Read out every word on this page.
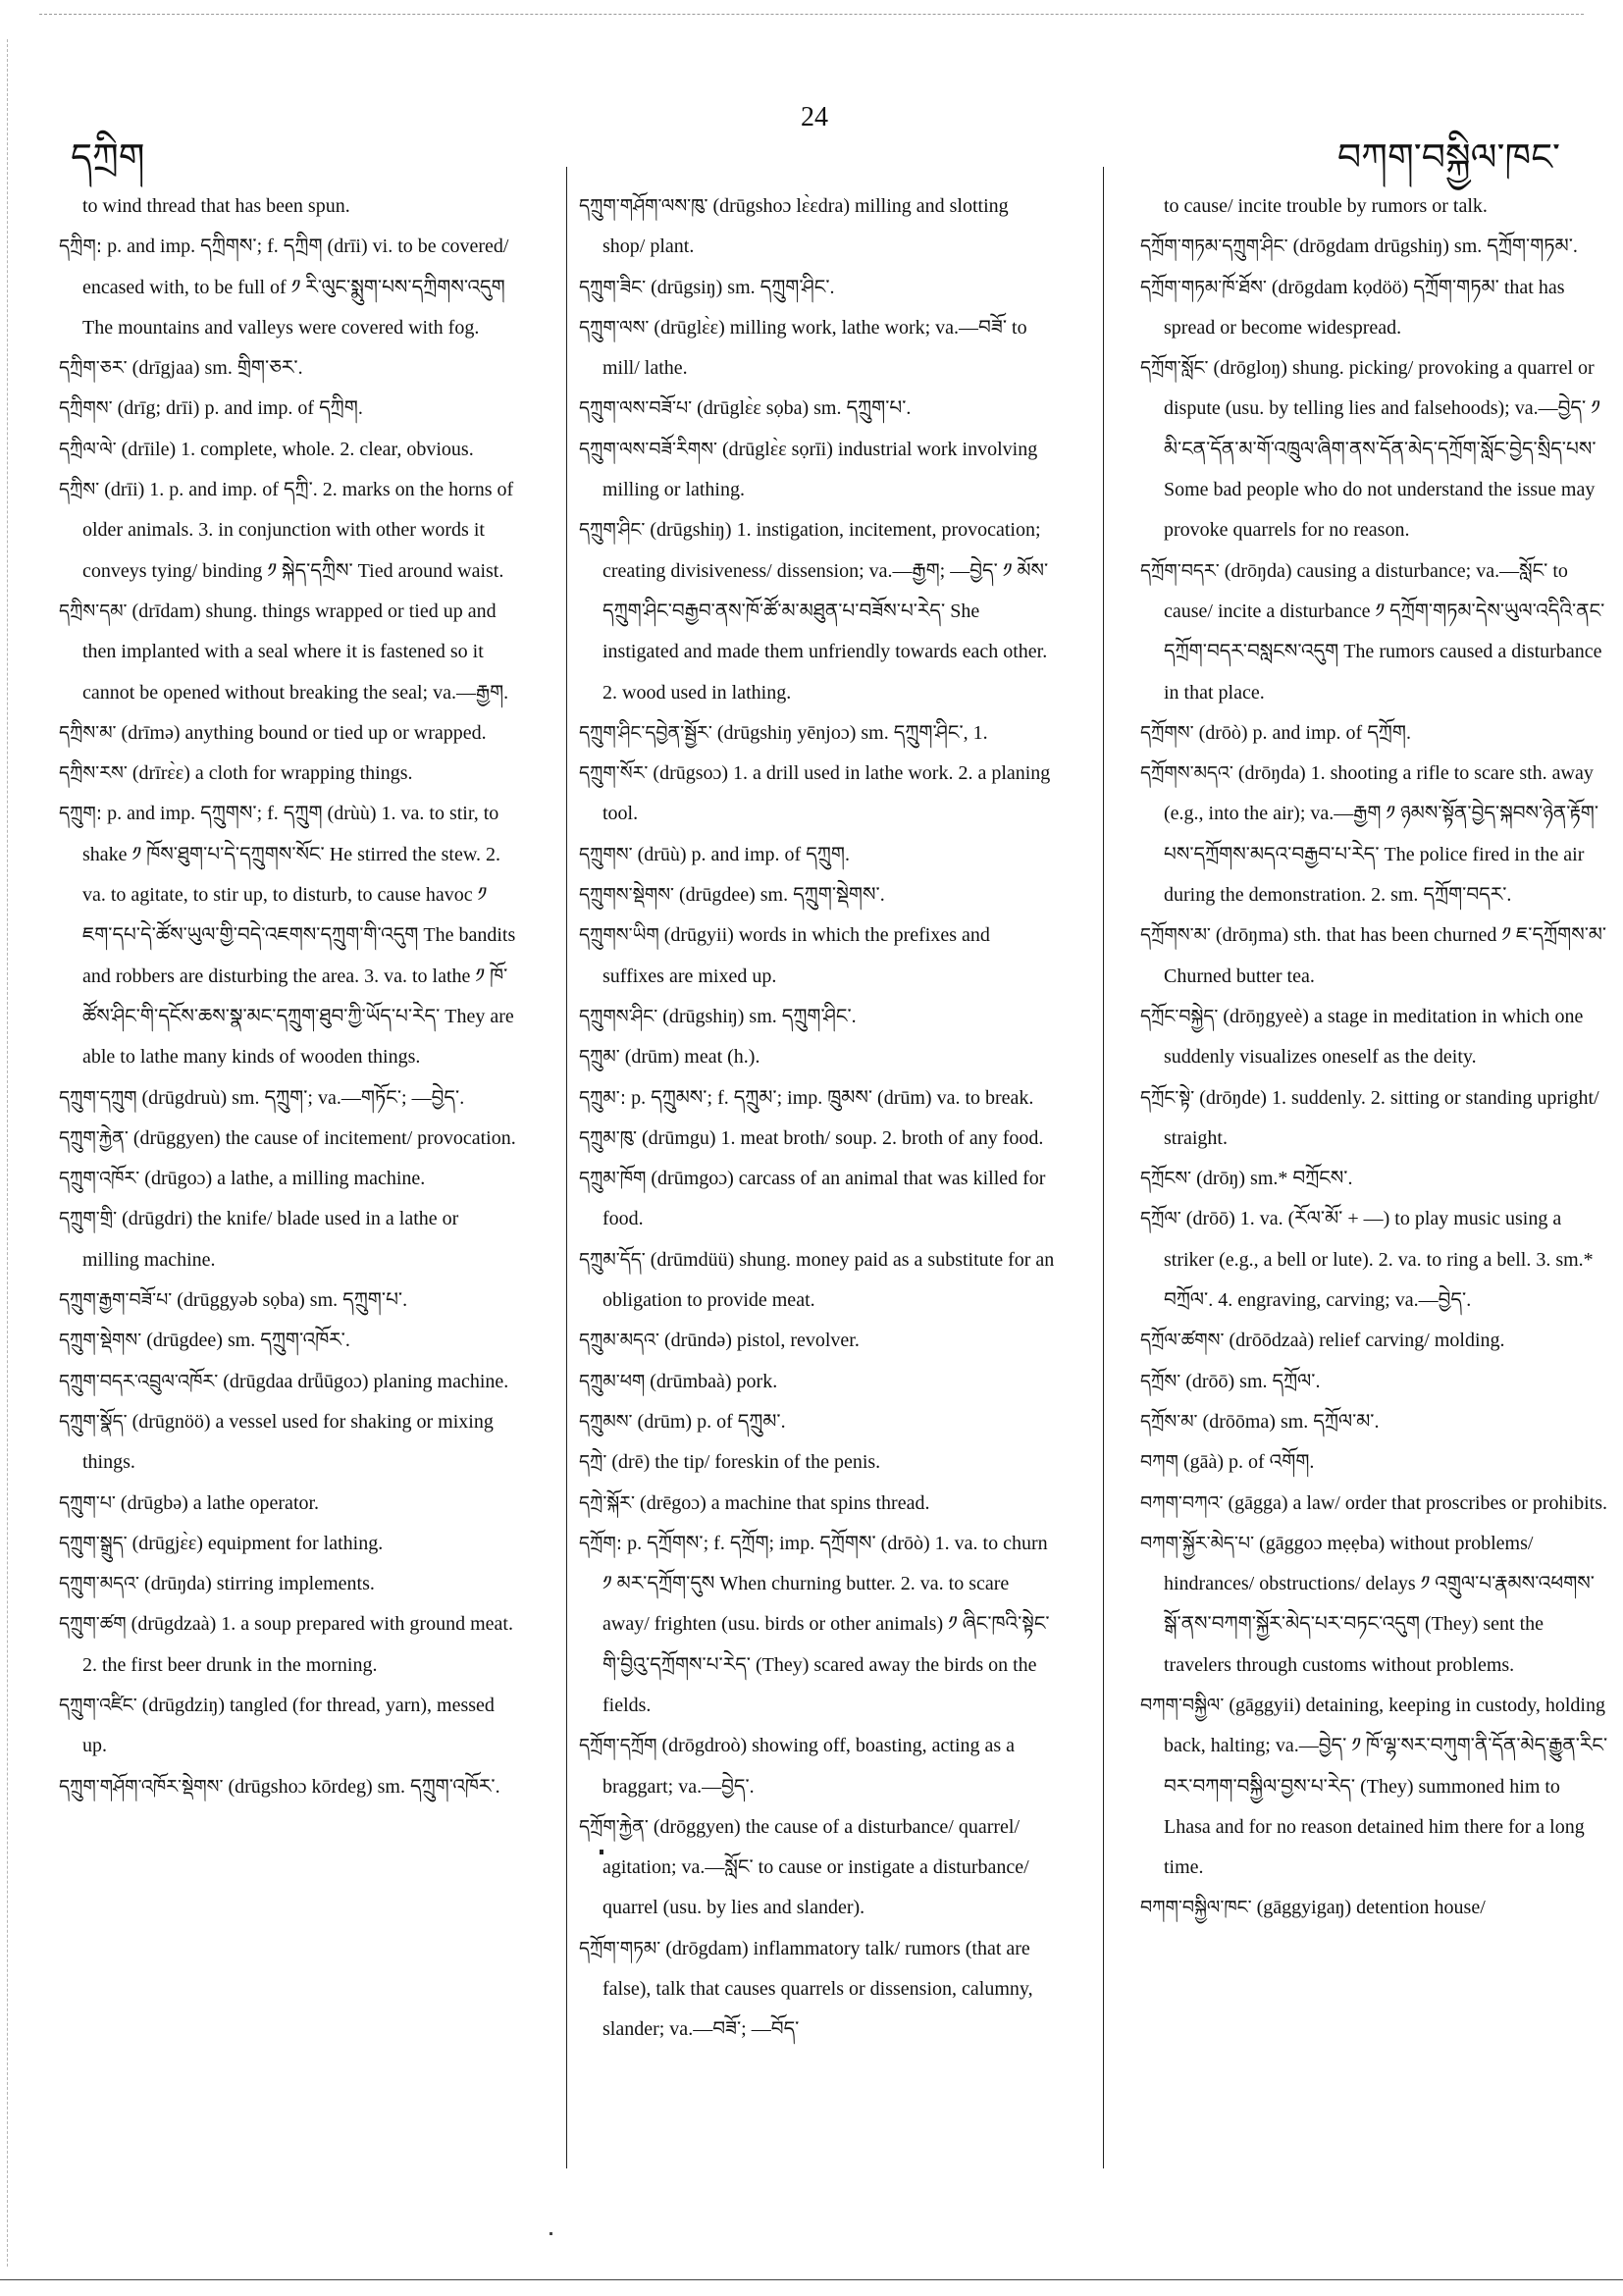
དཀྲིག
24
བཀག་བསྐྱིལ་ཁང་
to wind thread that has been spun.
དཀྲིག: p. and imp. དཀྲིགས་; f. དཀྲིག (drīi) vi. to be covered/ encased with, to be full of ༡ རི་ལུང་སྨུག་པས་དཀྲིགས་འདུག The mountains and valleys were covered with fog.
དཀྲིག་ཅར་ (drīgjaa) sm. གྲིག་ཅར་.
དཀྲིགས་ (drīg; drīi) p. and imp. of དཀྲིག.
དཀྲིལ་ལེ་ (drīile) 1. complete, whole. 2. clear, obvious.
དཀྲིས་ (drīi) 1. p. and imp. of དཀྲི་. 2. marks on the horns of older animals. 3. in conjunction with other words it conveys tying/ binding ༡ སྐེད་དཀྲིས་ Tied around waist.
དཀྲིས་དམ་ (drīdam) shung. things wrapped or tied up and then implanted with a seal where it is fastened so it cannot be opened without breaking the seal; va.—རྒྱག.
དཀྲིས་མ་ (drīmə) anything bound or tied up or wrapped.
དཀྲིས་རས་ (drīrɛ̀ɛ) a cloth for wrapping things.
དཀྲུག: p. and imp. དཀྲུགས་; f. དཀྲུག (drùù) 1. va. to stir, to shake ༡ ཁོས་ཐུག་པ་དེ་དཀྲུགས་སོང་ He stirred the stew. 2. va. to agitate, to stir up, to disturb, to cause havoc ༡ ཇག་དཔ་དེ་ཚོས་ཡུལ་གྱི་བདེ་འཇགས་དཀྲུག་གི་འདུག The bandits and robbers are disturbing the area. 3. va. to lathe ༡ ཁོ་ཚོས་ཤིང་གི་དངོས་ཆས་སྣ་མང་དཀྲུག་ཐུབ་ཀྱི་ཡོད་པ་རེད་ They are able to lathe many kinds of wooden things.
དཀྲུག་དཀྲུག (drūgdruù) sm. དཀྲུག་; va.—གཏོང་; —བྱེད་.
དཀྲུག་རྐྱེན་ (drūggyen) the cause of incitement/ provocation.
དཀྲུག་འཁོར་ (drūgoɔ) a lathe, a milling machine.
དཀྲུག་གྲི་ (drūgdri) the knife/ blade used in a lathe or milling machine.
དཀྲུག་རྒྱག་བཟོ་པ་ (drūggyəb sọba) sm. དཀྲུག་པ་.
དཀྲུག་སྡེགས་ (drūgdee) sm. དཀྲུག་འཁོར་.
དཀྲུག་བདར་འབྲུལ་འཁོར་ (drūgdaa drǖūgoɔ) planing machine.
དཀྲུག་སྣོད་ (drūgnöö) a vessel used for shaking or mixing things.
དཀྲུག་པ་ (drūgbə) a lathe operator.
དཀྲུག་སྒྲུད་ (drūgjɛ̀ɛ) equipment for lathing.
དཀྲུག་མདའ་ (drūŋda) stirring implements.
དཀྲུག་ཚག (drūgdzaà) 1. a soup prepared with ground meat. 2. the first beer drunk in the morning.
དཀྲུག་འཛིང་ (drūgdziŋ) tangled (for thread, yarn), messed up.
དཀྲུག་གཤོག་འཁོར་སྡེགས་ (drūgshoɔ kōrdeg) sm. དཀྲུག་འཁོར་.
དཀྲུག་གཤོག་ལས་ཁུ་ (drūgshoɔ lɛ̀ɛdra) milling and slotting shop/ plant.
དཀྲུག་ཟིང་ (drūgsiŋ) sm. དཀྲུག་ཤིང་.
དཀྲུག་ལས་ (drūglɛ̀ɛ) milling work, lathe work; va.—བཟོ་ to mill/ lathe.
དཀྲུག་ལས་བཟོ་པ་ (drūglɛ̀ɛ sọba) sm. དཀྲུག་པ་.
དཀྲུག་ལས་བཟོ་རིགས་ (drūglɛ̀ɛ sọrīi) industrial work involving milling or lathing.
དཀྲུག་ཤིང་ (drūgshiŋ) 1. instigation, incitement, provocation; creating divisiveness/ dissension; va.—རྒྱག; —བྱེད་ ༡ མོས་དཀྲུག་ཤིང་བརྒྱབ་ནས་ཁོ་ཚོ་མ་མཐུན་པ་བཟོས་པ་རེད་ She instigated and made them unfriendly towards each other. 2. wood used in lathing.
དཀྲུག་ཤིང་དབྱེན་སྦྱོར་ (drūgshiŋ yēnjoɔ) sm. དཀྲུག་ཤིང་, 1.
དཀྲུག་སོར་ (drūgsoɔ) 1. a drill used in lathe work. 2. a planing tool.
དཀྲུགས་ (drūù) p. and imp. of དཀྲུག.
དཀྲུགས་སྡེགས་ (drūgdee) sm. དཀྲུག་སྡེགས་.
དཀྲུགས་ཡིག (drūgyii) words in which the prefixes and suffixes are mixed up.
དཀྲུགས་ཤིང་ (drūgshiŋ) sm. དཀྲུག་ཤིང་.
དཀྲུམ་ (drūm) meat (h.).
དཀྲུམ་: p. དཀྲུམས་; f. དཀྲུམ་; imp. ཁྲུམས་ (drūm) va. to break.
དཀྲུམ་ཁུ་ (drūmgu) 1. meat broth/ soup. 2. broth of any food.
དཀྲུམ་ཁོག (drūmgoɔ) carcass of an animal that was killed for food.
དཀྲུམ་དོད་ (drūmdüü) shung. money paid as a substitute for an obligation to provide meat.
དཀྲུམ་མདའ་ (drūndə) pistol, revolver.
དཀྲུམ་ཕག (drūmbaà) pork.
དཀྲུམས་ (drūm) p. of དཀྲུམ་.
དཀྲེ་ (drē) the tip/ foreskin of the penis.
དཀྲེ་སྐོར་ (drēgoɔ) a machine that spins thread.
དཀྲོག: p. དཀྲོགས་; f. དཀྲོག; imp. དཀྲོགས་ (drōò) 1. va. to churn ༡ མར་དཀྲོག་དུས When churning butter. 2. va. to scare away/ frighten (usu. birds or other animals) ༡ ཞིང་ཁའི་སྟེང་གི་བྱིའུ་དཀྲོགས་པ་རེད་ (They) scared away the birds on the fields.
དཀྲོག་དཀྲོག (drōgdroò) showing off, boasting, acting as a braggart; va.—བྱེད་.
དཀྲོག་རྐྱེན་ (drōggyen) the cause of a disturbance/ quarrel/ agitation; va.—སློང་ to cause or instigate a disturbance/ quarrel (usu. by lies and slander).
དཀྲོག་གཏམ་ (drōgdam) inflammatory talk/ rumors (that are false), talk that causes quarrels or dissension, calumny, slander; va.—བཟོ་; —བོད་
to cause/ incite trouble by rumors or talk.
དཀྲོག་གཏམ་དཀྲུག་ཤིང་ (drōgdam drūgshiŋ) sm. དཀྲོག་གཏམ་.
དཀྲོག་གཏམ་ཁོ་ཐོས་ (drōgdam kọdöö) དཀྲོག་གཏམ་ that has spread or become widespread.
དཀྲོག་སློང་ (drōgloŋ) shung. picking/ provoking a quarrel or dispute (usu. by telling lies and falsehoods); va.—བྱེད་ ༡ མི་ངན་དོན་མ་གོ་འཁྲུལ་ཞིག་ནས་དོན་མེད་དཀྲོག་སློང་བྱེད་སྲིད་པས་ Some bad people who do not understand the issue may provoke quarrels for no reason.
དཀྲོག་བདར་ (drōŋda) causing a disturbance; va.—སློང་ to cause/ incite a disturbance ༡ དཀྲོག་གཏམ་དེས་ཡུལ་འདིའི་ནང་དཀྲོག་བདར་བསླངས་འདུག The rumors caused a disturbance in that place.
དཀྲོགས་ (drōò) p. and imp. of དཀྲོག.
དཀྲོགས་མདའ་ (drōŋda) 1. shooting a rifle to scare sth. away (e.g., into the air); va.—རྒྱག ༡ ཉམས་སྟོན་བྱེད་སྐབས་ཉེན་རྟོག་པས་དཀྲོགས་མདའ་བརྒྱབ་པ་རེད་ The police fired in the air during the demonstration. 2. sm. དཀྲོག་བདར་.
དཀྲོགས་མ་ (drōŋma) sth. that has been churned ༡ ཇ་དཀྲོགས་མ་ Churned butter tea.
དཀྲོང་བསྐྱེད་ (drōŋgyeè) a stage in meditation in which one suddenly visualizes oneself as the deity.
དཀྲོང་སྟེ་ (drōŋde) 1. suddenly. 2. sitting or standing upright/ straight.
དཀྲོངས་ (drōŋ) sm.* བཀྲོངས་.
དཀྲོལ་ (drōō) 1. va. (རོལ་མོ་ + —) to play music using a striker (e.g., a bell or lute). 2. va. to ring a bell. 3. sm.* བཀྲོལ་. 4. engraving, carving; va.—བྱེད་.
དཀྲོལ་ཚགས་ (drōōdzaà) relief carving/ molding.
དཀྲོས་ (drōō) sm. དཀྲོལ་.
དཀྲོས་མ་ (drōōma) sm. དཀྲོལ་མ་.
བཀག (gāà) p. of འགོག.
བཀག་བཀའ་ (gāgga) a law/ order that proscribes or prohibits.
བཀག་སྐྱོར་མེད་པ་ (gāggoɔ mẹẹba) without problems/ hindrances/ obstructions/ delays ༡ འགྲུལ་པ་རྣམས་འཕགས་སྒོ་ནས་བཀག་སྐྱོར་མེད་པར་བཏང་འདུག (They) sent the travelers through customs without problems.
བཀག་བསྐྱིལ་ (gāggyii) detaining, keeping in custody, holding back, halting; va.—བྱེད་ ༡ ཁོ་ལྷ་སར་བཀུག་ནི་དོན་མེད་རྒྱུན་རིང་བར་བཀག་བསྐྱིལ་བྱས་པ་རེད་ (They) summoned him to Lhasa and for no reason detained him there for a long time.
བཀག་བསྐྱིལ་ཁང་ (gāggyigaŋ) detention house/
